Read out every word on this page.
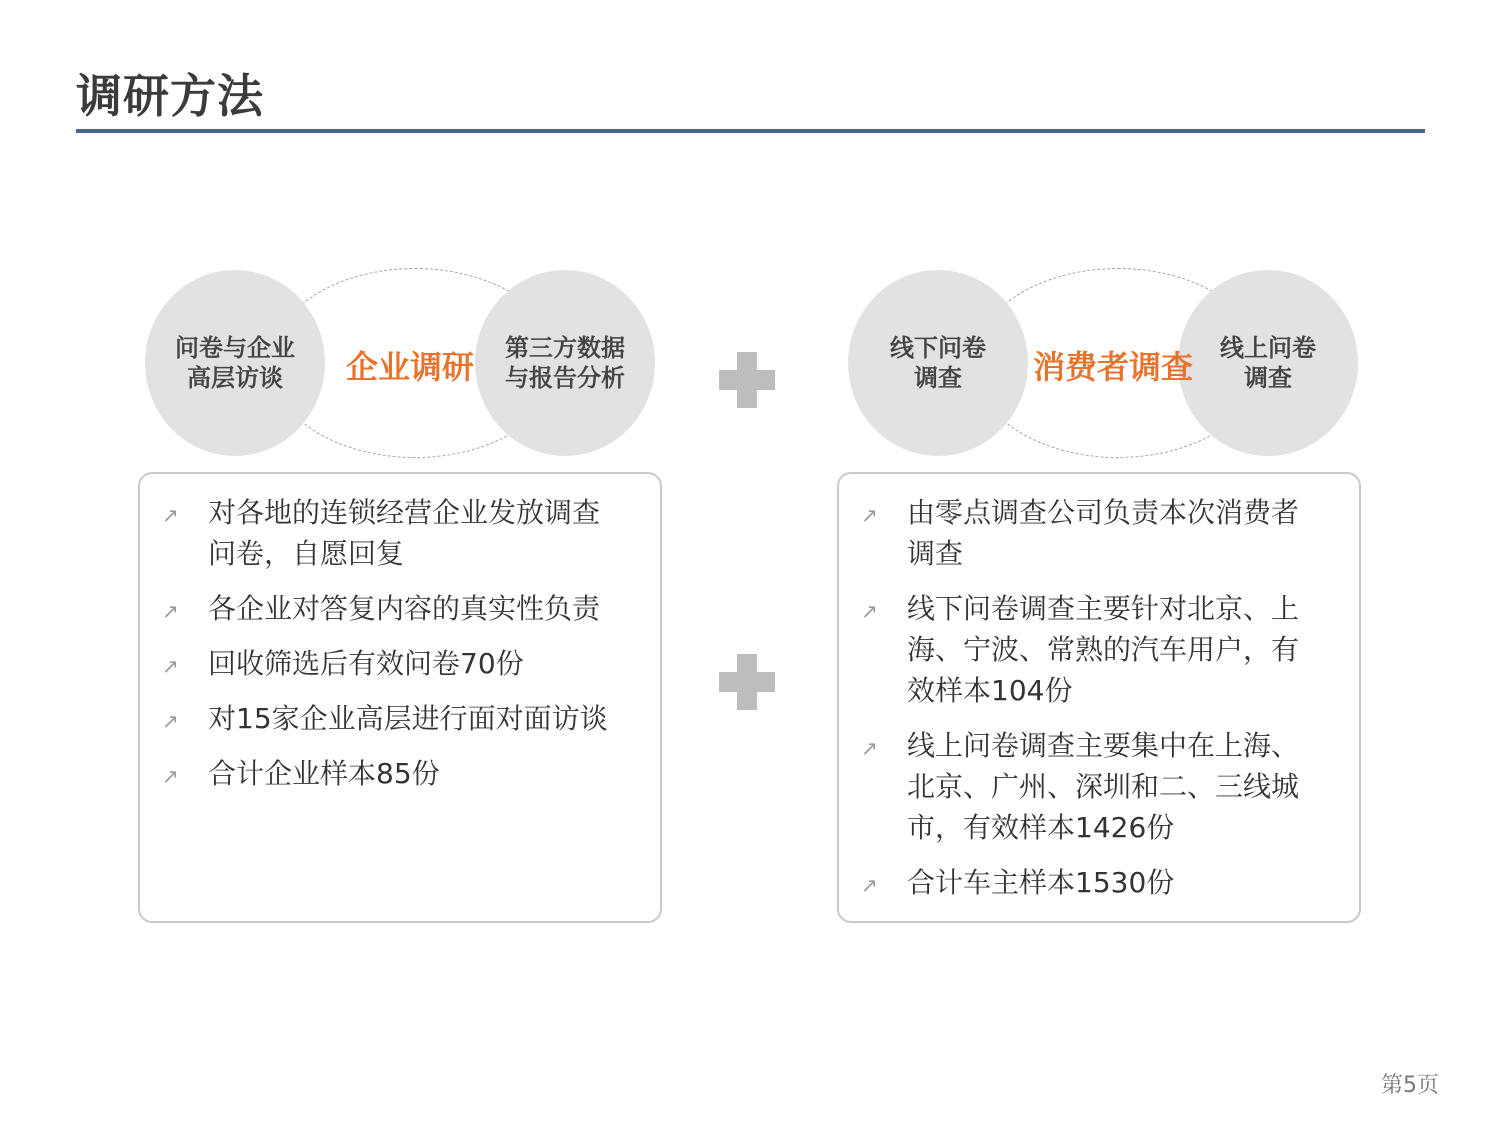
调研方法
问卷与企业
高层访谈
第三方数据
与报告分析
企业调研	线下问卷
调查
线上问卷
调查
消费者调查
↗ 对各地的连锁经营企业发放调查问卷，自愿回复
↗ 各企业对答复内容的真实性负责
↗ 回收筛选后有效问卷70份
↗ 对15家企业高层进行面对面访谈
↗ 合计企业样本85份
↗ 由零点调查公司负责本次消费者调查
↗ 线下问卷调查主要针对北京、上海、宁波、常熟的汽车用户，有效样本104份
↗ 线上问卷调查主要集中在上海、北京、广州、深圳和二、三线城市，有效样本1426份
↗ 合计车主样本1530份
第5页
